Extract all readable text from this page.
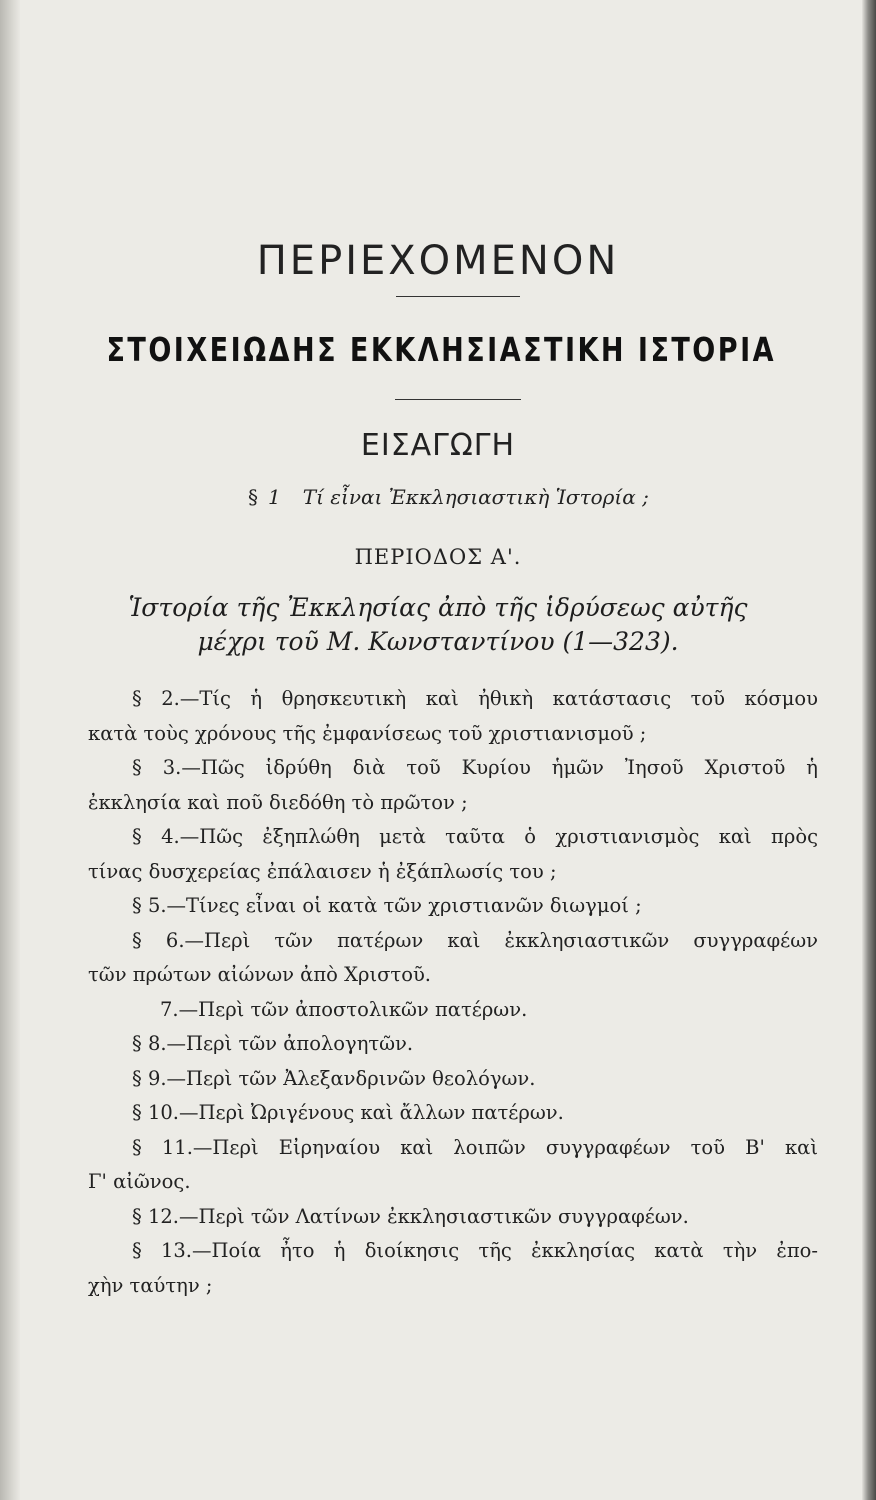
ΠΕΡΙΕΧΟΜΕΝΟΝ
ΣΤΟΙΧΕΙΩΔΗΣ ΕΚΚΛΗΣΙΑΣΤΙΚΗ ΙΣΤΟΡΙΑ
ΕΙΣΑΓΩΓΗ
§ 1 Τί εἶναι Ἐκκλησιαστικὴ Ἱστορία ;
ΠΕΡΙΟΔΟΣ Α'.
Ἱστορία τῆς Ἐκκλησίας ἀπὸ τῆς ἱδρύσεως αὐτῆς
μέχρι τοῦ Μ. Κωνσταντίνου (1—323).
§ 2.—Τίς ἡ θρησκευτικὴ καὶ ἠθικὴ κατάστασις τοῦ κόσμου
κατὰ τοὺς χρόνους τῆς ἐμφανίσεως τοῦ χριστιανισμοῦ ;
§ 3.—Πῶς ἱδρύθη διὰ τοῦ Κυρίου ἡμῶν Ἰησοῦ Χριστοῦ ἡ
ἐκκλησία καὶ ποῦ διεδόθη τὸ πρῶτον ;
§ 4.—Πῶς ἐξηπλώθη μετὰ ταῦτα ὁ χριστιανισμὸς καὶ πρὸς
τίνας δυσχερείας ἐπάλαισεν ἡ ἐξάπλωσίς του ;
§ 5.—Τίνες εἶναι οἱ κατὰ τῶν χριστιανῶν διωγμοί ;
§ 6.—Περὶ τῶν πατέρων καὶ ἐκκλησιαστικῶν συγγραφέων
τῶν πρώτων αἰώνων ἀπὸ Χριστοῦ.
7.—Περὶ τῶν ἀποστολικῶν πατέρων.
§ 8.—Περὶ τῶν ἀπολογητῶν.
§ 9.—Περὶ τῶν Ἀλεξανδρινῶν θεολόγων.
§ 10.—Περὶ Ὠριγένους καὶ ἄλλων πατέρων.
§ 11.—Περὶ Εἰρηναίου καὶ λοιπῶν συγγραφέων τοῦ Β' καὶ
Γ' αἰῶνος.
§ 12.—Περὶ τῶν Λατίνων ἐκκλησιαστικῶν συγγραφέων.
§ 13.—Ποία ἦτο ἡ διοίκησις τῆς ἐκκλησίας κατὰ τὴν ἐπο-
χὴν ταύτην ;
